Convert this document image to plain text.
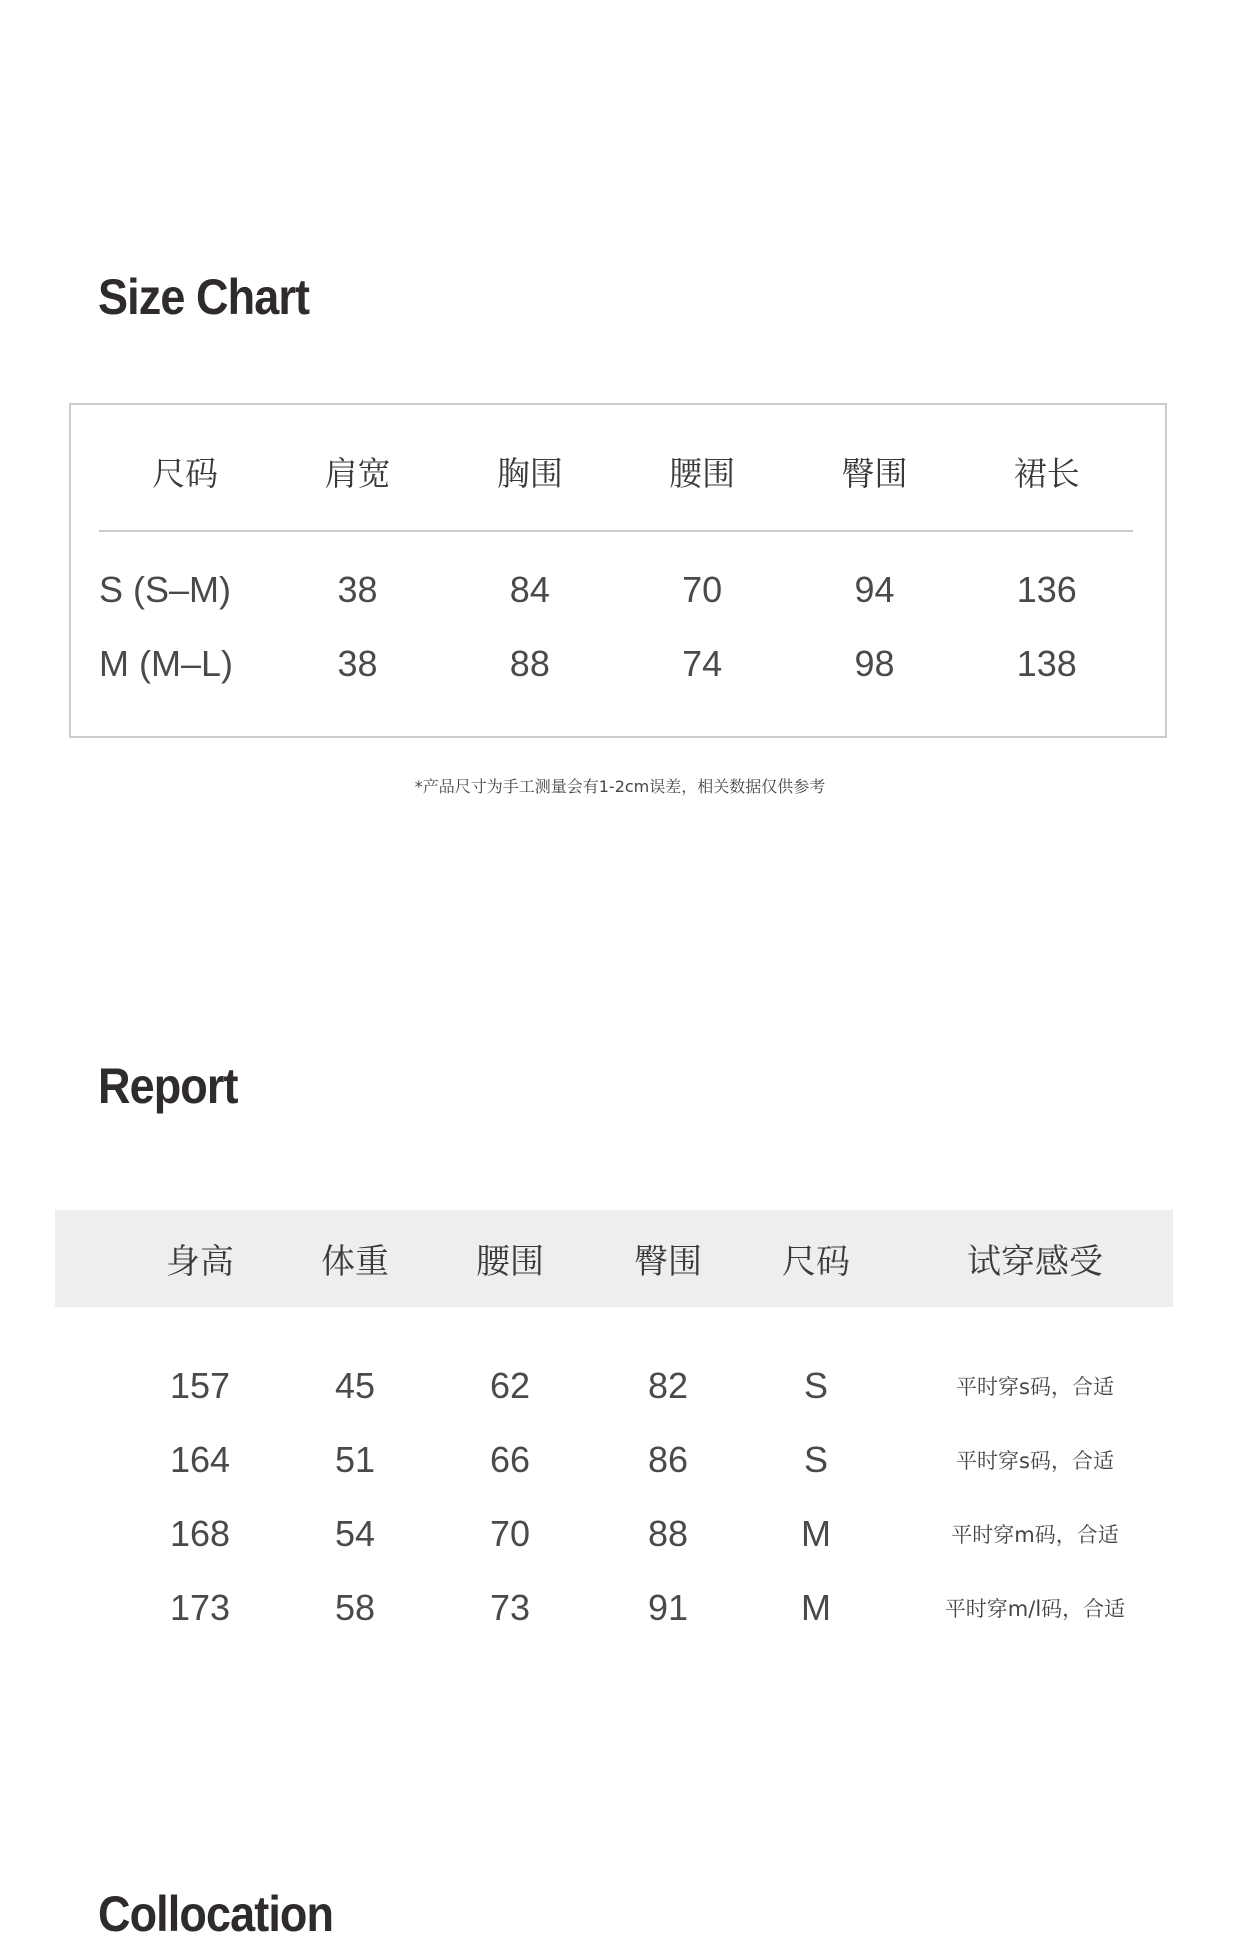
Size Chart
尺码	肩宽	胸围	腰围	臀围	裙长
S (S–M)	38	84	70	94	136
M (M–L)	38	88	74	98	138
*产品尺寸为手工测量会有1-2cm误差，相关数据仅供参考
Report
身高	体重	腰围	臀围	尺码	试穿感受
157	45	62	82	S	平时穿s码，合适
164	51	66	86	S	平时穿s码，合适
168	54	70	88	M	平时穿m码，合适
173	58	73	91	M	平时穿m/l码，合适
Collocation
